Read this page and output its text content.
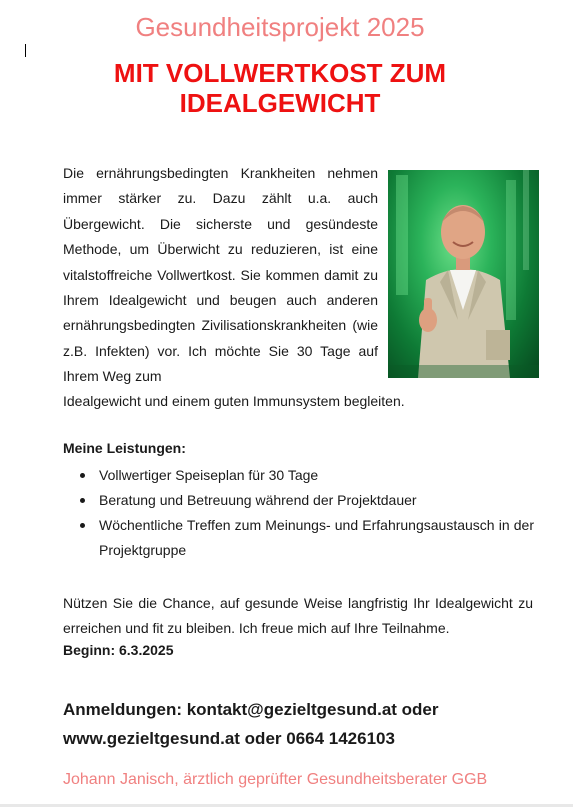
Gesundheitsprojekt 2025
MIT VOLLWERTKOST ZUM
IDEALGEWICHT
Die ernährungsbedingten Krankheiten nehmen immer stärker zu. Dazu zählt u.a. auch Übergewicht. Die sicherste und gesündeste Methode, um Überwicht zu reduzieren, ist eine vitalstoffreiche Vollwertkost. Sie kommen damit zu Ihrem Idealgewicht und beugen auch anderen ernährungsbedingten Zivilisationskrankheiten (wie z.B. Infekten) vor. Ich möchte Sie 30 Tage auf Ihrem Weg zum
Idealgewicht und einem guten Immunsystem begleiten.
Meine Leistungen:
Vollwertiger Speiseplan für 30 Tage
Beratung und Betreuung während der Projektdauer
Wöchentliche Treffen zum Meinungs- und Erfahrungsaustausch in der Projektgruppe
Nützen Sie die Chance, auf gesunde Weise langfristig Ihr Idealgewicht zu erreichen und fit zu bleiben. Ich freue mich auf Ihre Teilnahme.
Beginn: 6.3.2025
Anmeldungen: kontakt@gezieltgesund.at oder
www.gezieltgesund.at oder 0664 1426103
Johann Janisch, ärztlich geprüfter Gesundheitsberater GGB
